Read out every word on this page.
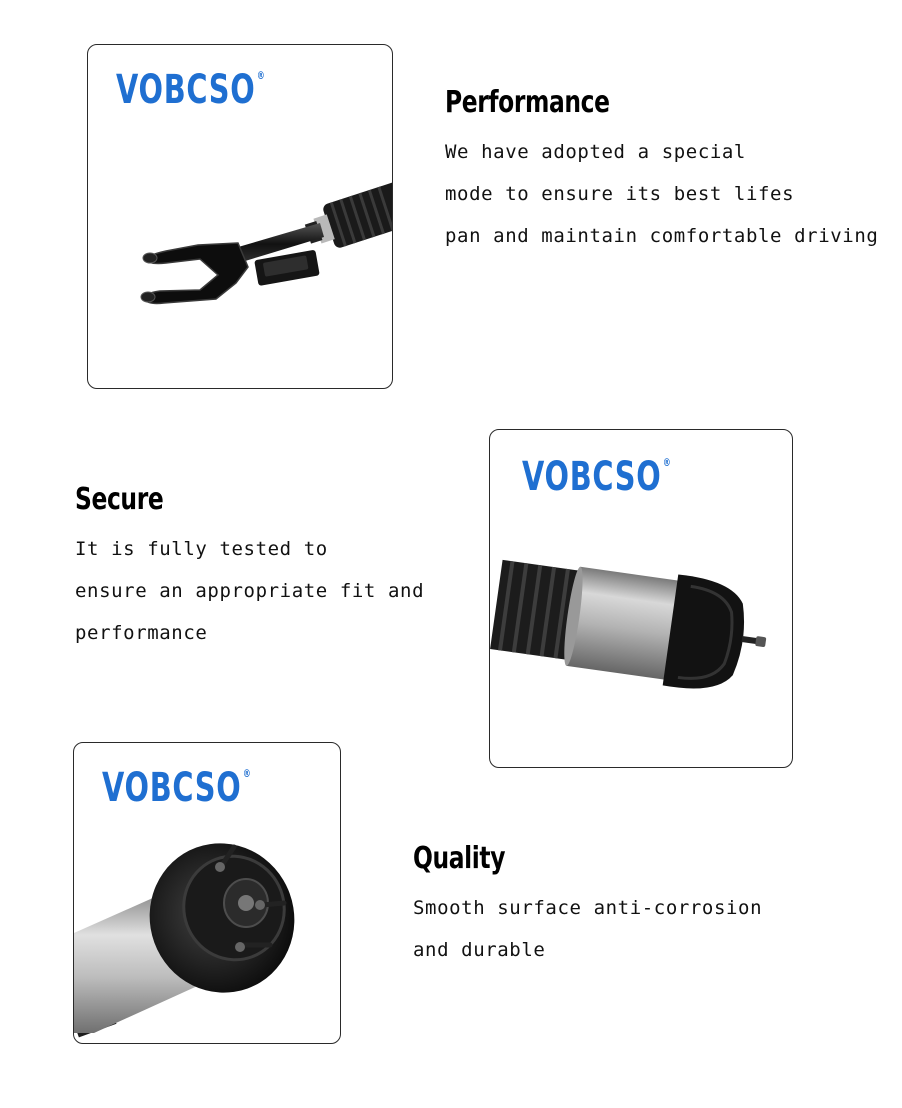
VOBCSO®
Performance
We have adopted a special
mode to ensure its best lifes
pan and maintain comfortable driving
Secure
It is fully tested to
ensure an appropriate fit and
performance
VOBCSO®
VOBCSO®
Quality
Smooth surface anti-corrosion
and durable
